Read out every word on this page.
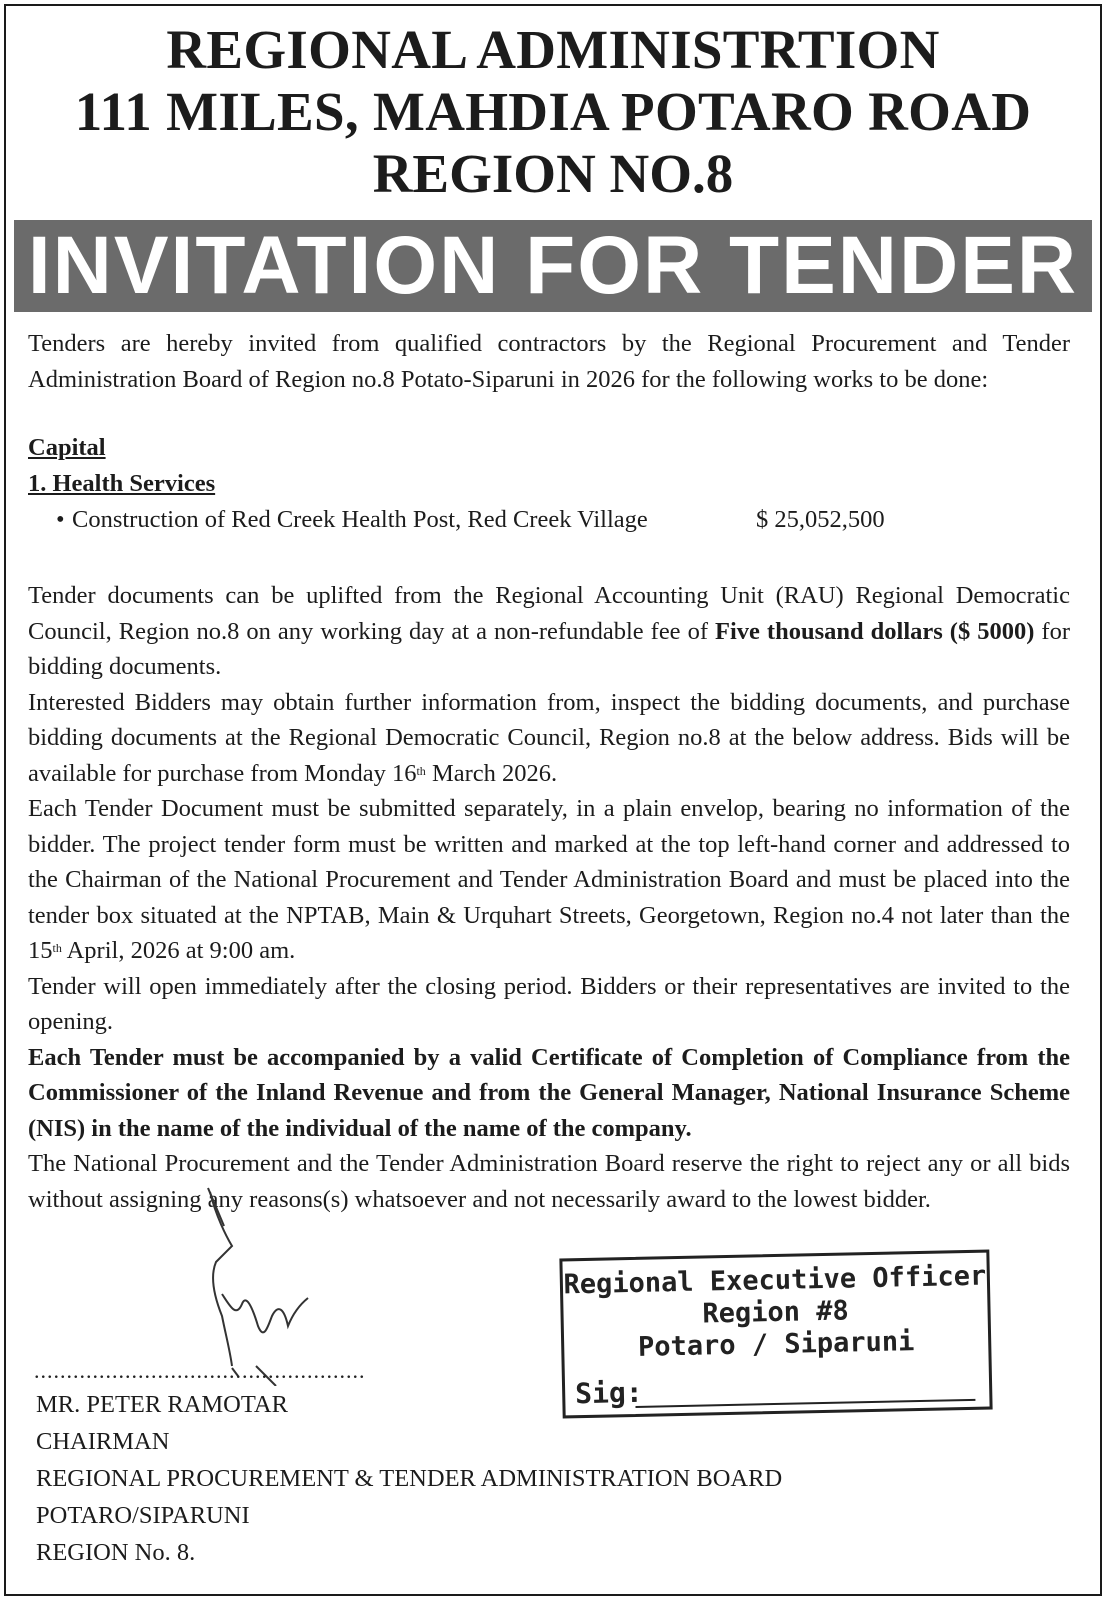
REGIONAL ADMINISTRTION
111 MILES, MAHDIA POTARO ROAD
REGION NO.8
INVITATION FOR TENDER

Tenders are hereby invited from qualified contractors by the Regional Procurement and Tender Administration Board of Region no.8 Potato-Siparuni in 2026 for the following works to be done:

Capital
1. Health Services
• Construction of Red Creek Health Post, Red Creek Village	$ 25,052,500

Tender documents can be uplifted from the Regional Accounting Unit (RAU) Regional Democratic Council, Region no.8 on any working day at a non-refundable fee of Five thousand dollars ($ 5000) for bidding documents.

Interested Bidders may obtain further information from, inspect the bidding documents, and purchase bidding documents at the Regional Democratic Council, Region no.8 at the below address. Bids will be available for purchase from Monday 16th March 2026.

Each Tender Document must be submitted separately, in a plain envelop, bearing no information of the bidder. The project tender form must be written and marked at the top left-hand corner and addressed to the Chairman of the National Procurement and Tender Administration Board and must be placed into the tender box situated at the NPTAB, Main & Urquhart Streets, Georgetown, Region no.4 not later than the 15th April, 2026 at 9:00 am.

Tender will open immediately after the closing period. Bidders or their representatives are invited to the opening.

Each Tender must be accompanied by a valid Certificate of Completion of Compliance from the Commissioner of the Inland Revenue and from the General Manager, National Insurance Scheme (NIS) in the name of the individual of the name of the company.

The National Procurement and the Tender Administration Board reserve the right to reject any or all bids without assigning any reasons(s) whatsoever and not necessarily award to the lowest bidder.

...................................................
MR. PETER RAMOTAR
CHAIRMAN
REGIONAL PROCUREMENT & TENDER ADMINISTRATION BOARD
POTARO/SIPARUNI
REGION No. 8.
Regional Executive Officer
Region #8
Potaro / Siparuni
Sig:
